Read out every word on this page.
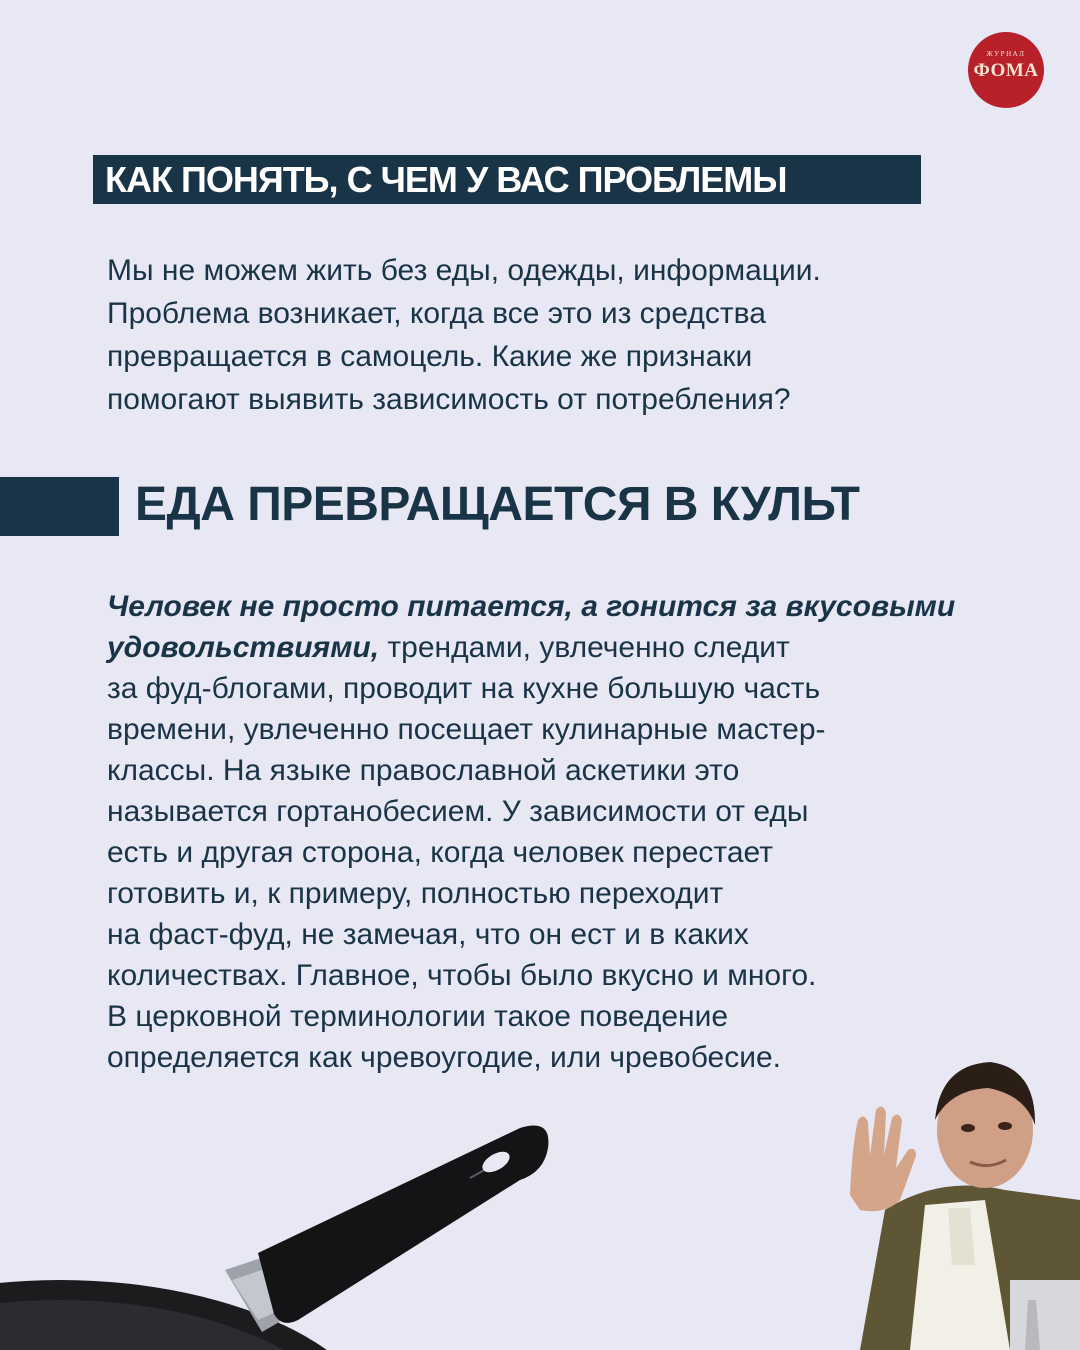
ЖУРНАЛ
ФОМА
КАК ПОНЯТЬ, С ЧЕМ У ВАС ПРОБЛЕМЫ
Мы не можем жить без еды, одежды, информации.
Проблема возникает, когда все это из средства
превращается в самоцель. Какие же признаки
помогают выявить зависимость от потребления?
ЕДА ПРЕВРАЩАЕТСЯ В КУЛЬТ
Человек не просто питается, а гонится за вкусовыми
удовольствиями, трендами, увлеченно следит
за фуд-блогами, проводит на кухне большую часть
времени, увлеченно посещает кулинарные мастер-
классы. На языке православной аскетики это
называется гортанобесием. У зависимости от еды
есть и другая сторона, когда человек перестает
готовить и, к примеру, полностью переходит
на фаст-фуд, не замечая, что он ест и в каких
количествах. Главное, чтобы было вкусно и много.
В церковной терминологии такое поведение
определяется как чревоугодие, или чревобесие.
